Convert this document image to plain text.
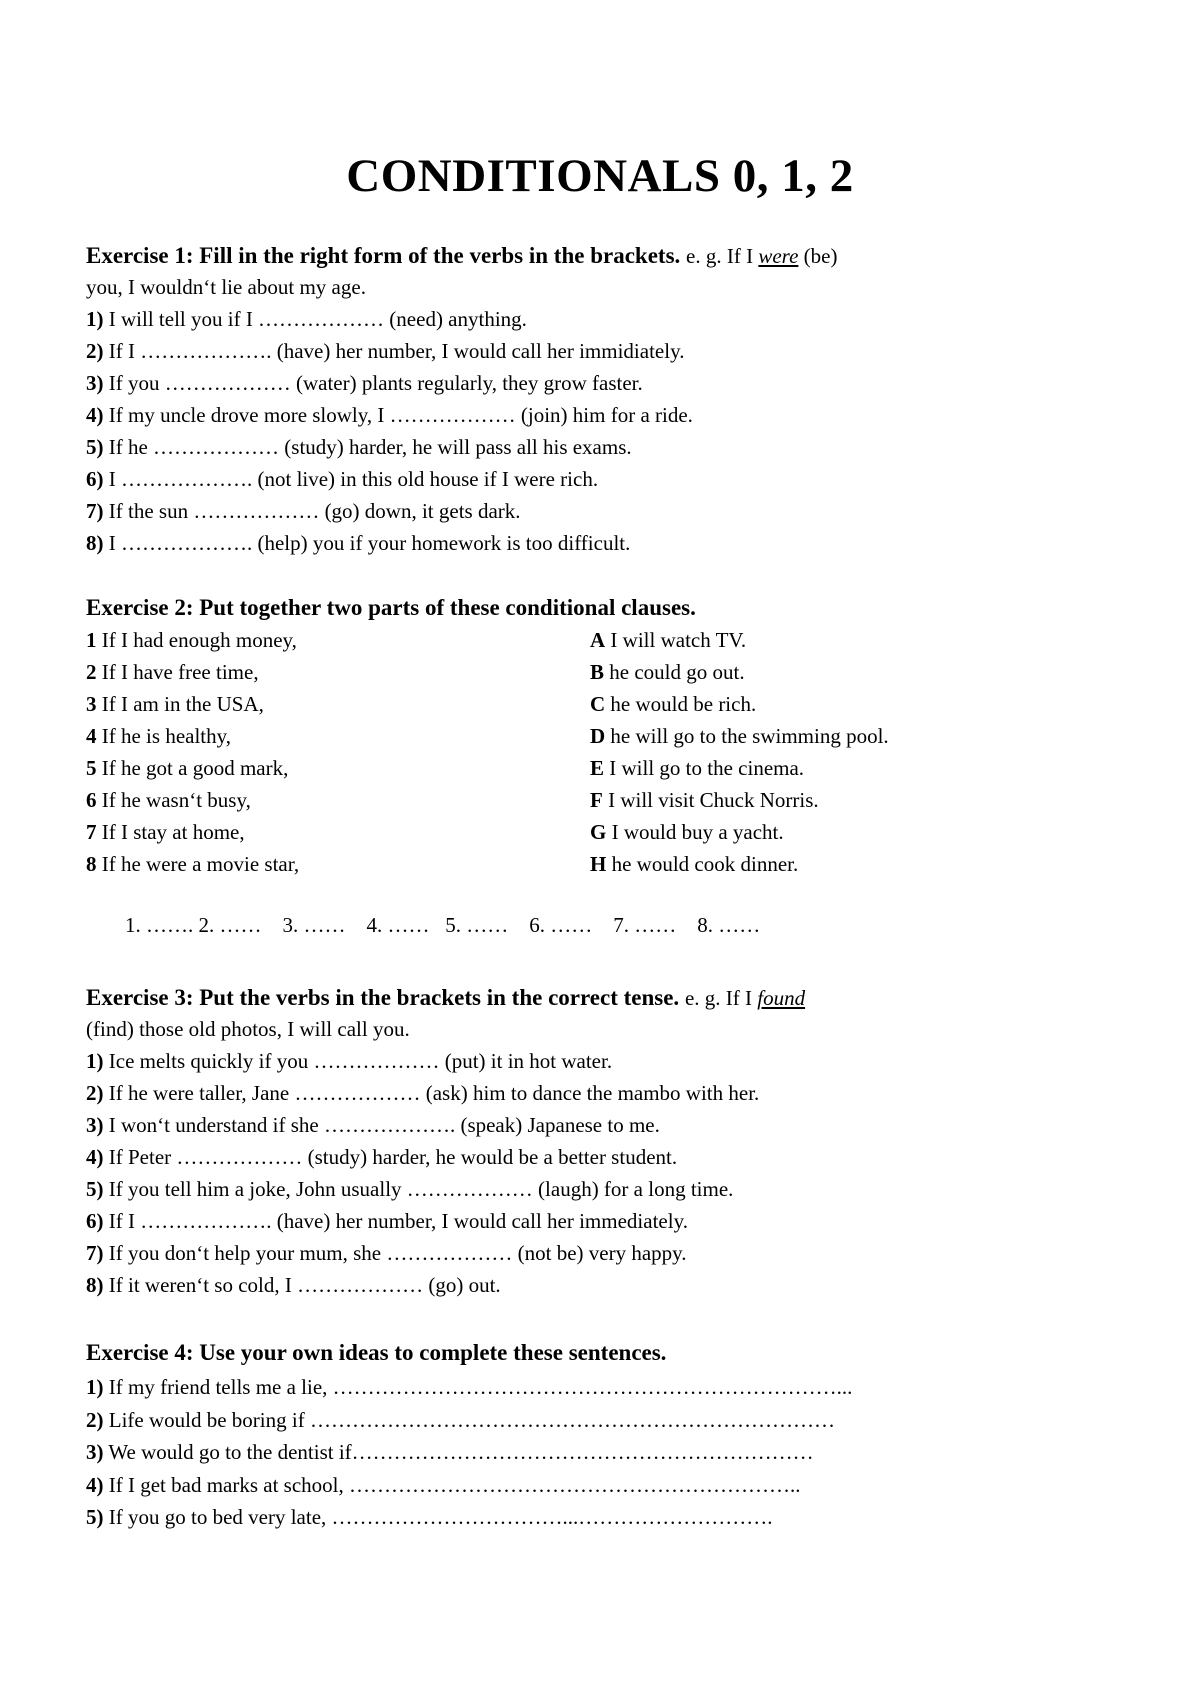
CONDITIONALS 0, 1, 2

Exercise 1: Fill in the right form of the verbs in the brackets. e. g. If I were (be)

you, I wouldn‘t lie about my age.

1) I will tell you if I ……………… (need) anything.

2) If I ………………. (have) her number, I would call her immidiately.

3) If you ……………… (water) plants regularly, they grow faster.

4) If my uncle drove more slowly, I ……………… (join) him for a ride.

5) If he ……………… (study) harder, he will pass all his exams.

6) I ………………. (not live) in this old house if I were rich.

7) If the sun ……………… (go) down, it gets dark.

8) I ………………. (help) you if your homework is too difficult.

Exercise 2: Put together two parts of these conditional clauses.

1 If I had enough money,	A I will watch TV.
2 If I have free time,	B he could go out.
3 If I am in the USA,	C he would be rich.
4 If he is healthy,	D he will go to the swimming pool.
5 If he got a good mark,	E I will go to the cinema.
6 If he wasn‘t busy,	F I will visit Chuck Norris.
7 If I stay at home,	G I would buy a yacht.
8 If he were a movie star,	H he would cook dinner.
1. ……. 2. ……    3. ……    4. ……   5. ……    6. ……    7. ……    8. ……

Exercise 3: Put the verbs in the brackets in the correct tense. e. g. If I found

(find) those old photos, I will call you.

1) Ice melts quickly if you ……………… (put) it in hot water.

2) If he were taller, Jane ……………… (ask) him to dance the mambo with her.

3) I won‘t understand if she ………………. (speak) Japanese to me.

4) If Peter ……………… (study) harder, he would be a better student.

5) If you tell him a joke, John usually ……………… (laugh) for a long time.

6) If I ………………. (have) her number, I would call her immediately.

7) If you don‘t help your mum, she ……………… (not be) very happy.

8) If it weren‘t so cold, I ……………… (go) out.

Exercise 4: Use your own ideas to complete these sentences.

1) If my friend tells me a lie, ………………………………………………………………...

2) Life would be boring if …………………………………………………………………

3) We would go to the dentist if…………………………………………………………

4) If I get bad marks at school, ………………………………………………………..

5) If you go to bed very late, ……………………………...……………………….
